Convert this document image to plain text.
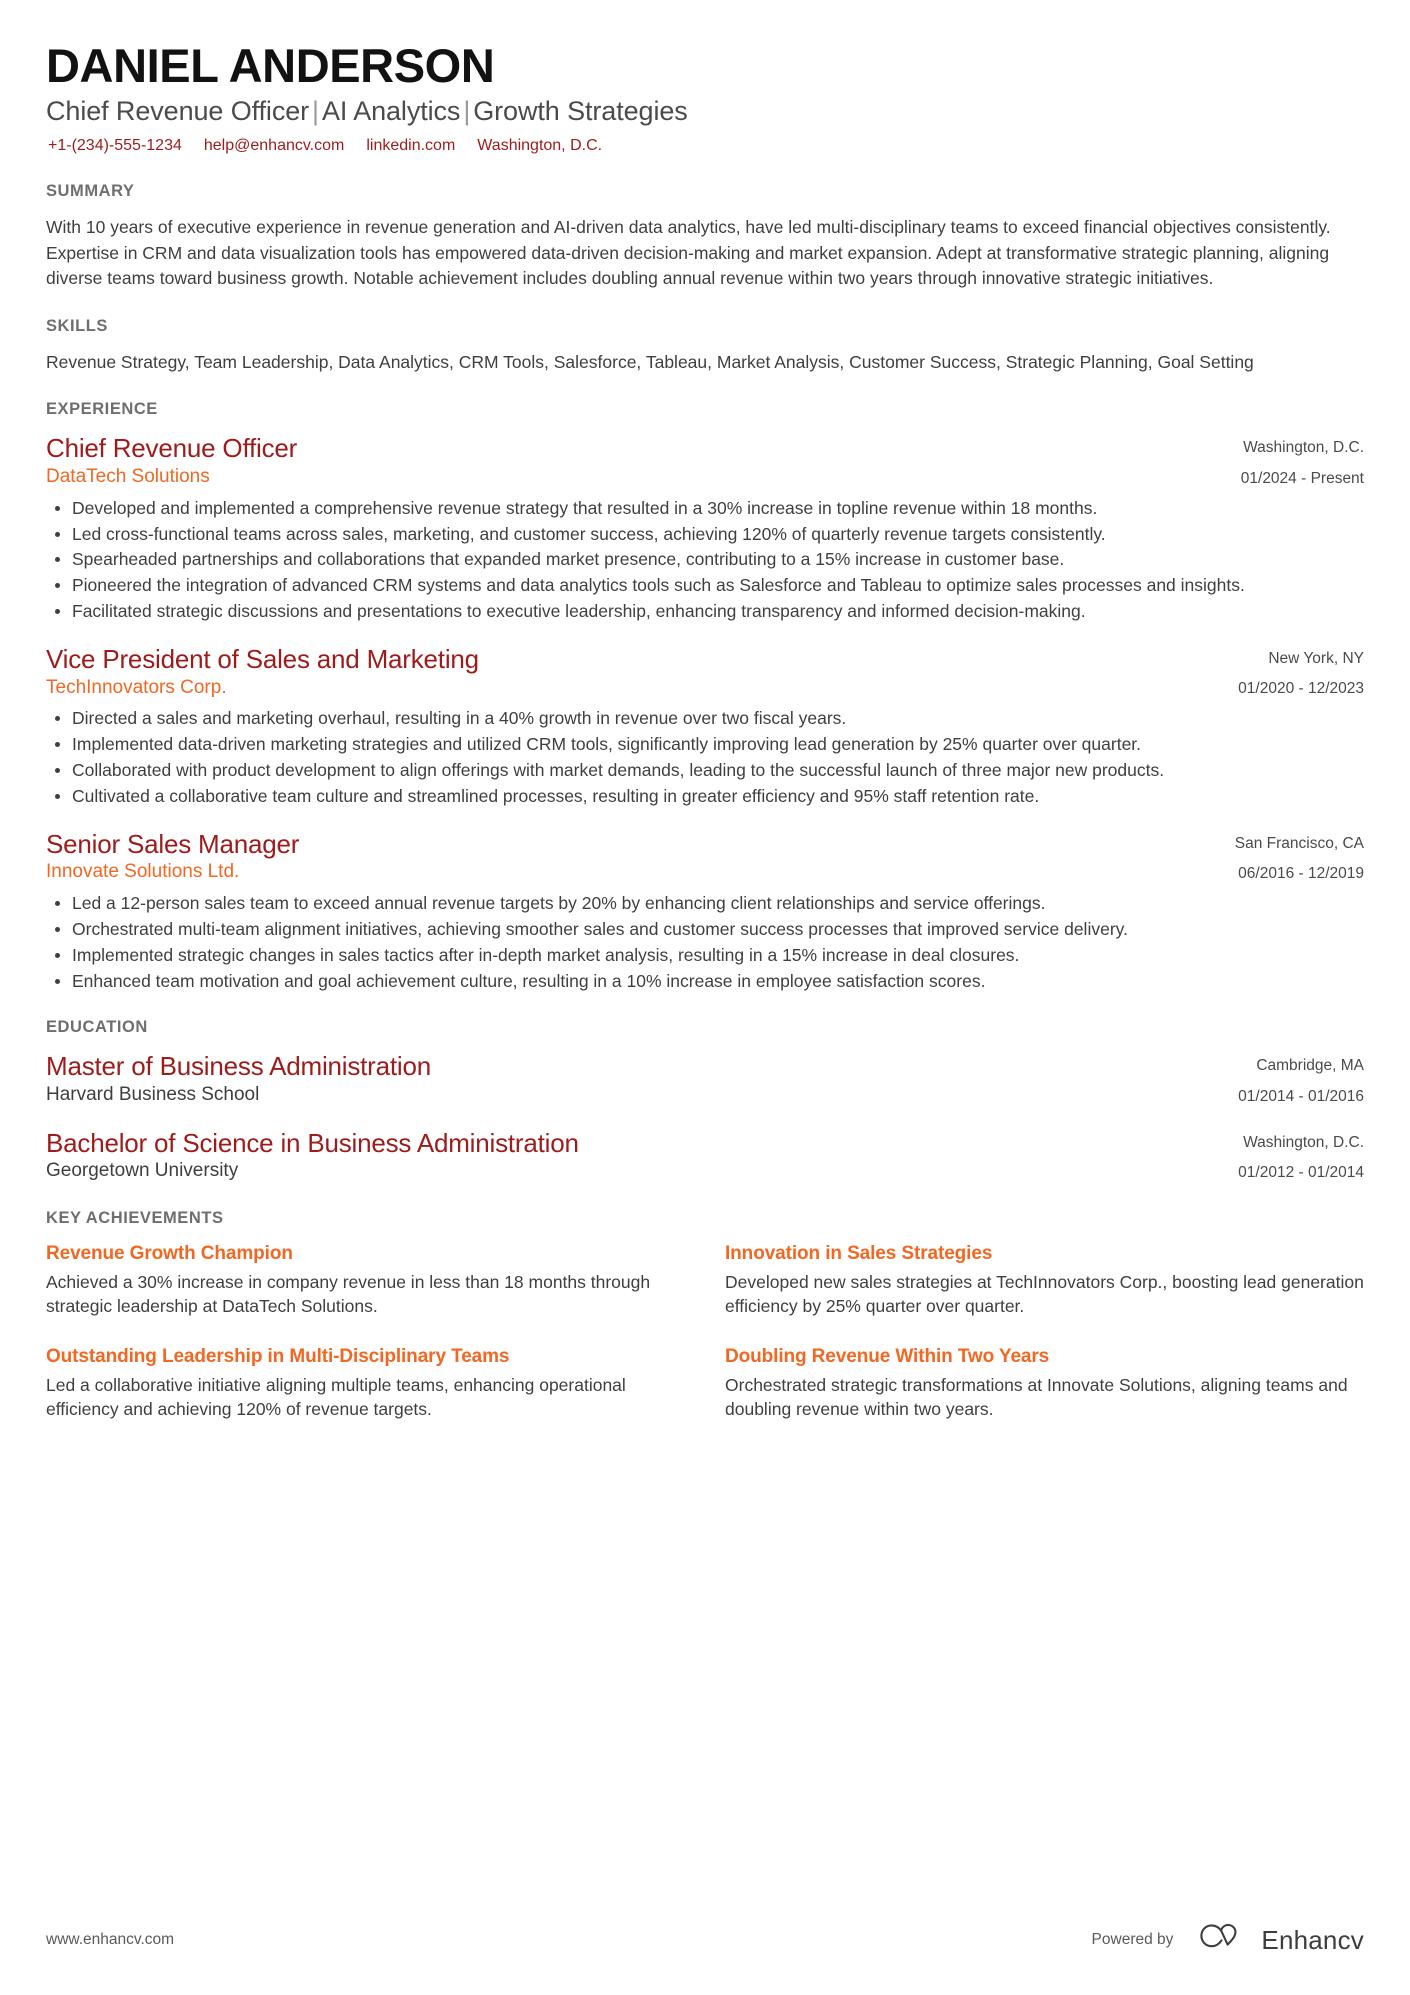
DANIEL ANDERSON
Chief Revenue Officer | AI Analytics | Growth Strategies
+1-(234)-555-1234 help@enhancv.com linkedin.com Washington, D.C.
SUMMARY
With 10 years of executive experience in revenue generation and AI-driven data analytics, have led multi-disciplinary teams to exceed financial objectives consistently. Expertise in CRM and data visualization tools has empowered data-driven decision-making and market expansion. Adept at transformative strategic planning, aligning diverse teams toward business growth. Notable achievement includes doubling annual revenue within two years through innovative strategic initiatives.
SKILLS
Revenue Strategy, Team Leadership, Data Analytics, CRM Tools, Salesforce, Tableau, Market Analysis, Customer Success, Strategic Planning, Goal Setting
EXPERIENCE
Chief Revenue Officer
DataTech Solutions
Washington, D.C.
01/2024 - Present
Developed and implemented a comprehensive revenue strategy that resulted in a 30% increase in topline revenue within 18 months.
Led cross-functional teams across sales, marketing, and customer success, achieving 120% of quarterly revenue targets consistently.
Spearheaded partnerships and collaborations that expanded market presence, contributing to a 15% increase in customer base.
Pioneered the integration of advanced CRM systems and data analytics tools such as Salesforce and Tableau to optimize sales processes and insights.
Facilitated strategic discussions and presentations to executive leadership, enhancing transparency and informed decision-making.
Vice President of Sales and Marketing
TechInnovators Corp.
New York, NY
01/2020 - 12/2023
Directed a sales and marketing overhaul, resulting in a 40% growth in revenue over two fiscal years.
Implemented data-driven marketing strategies and utilized CRM tools, significantly improving lead generation by 25% quarter over quarter.
Collaborated with product development to align offerings with market demands, leading to the successful launch of three major new products.
Cultivated a collaborative team culture and streamlined processes, resulting in greater efficiency and 95% staff retention rate.
Senior Sales Manager
Innovate Solutions Ltd.
San Francisco, CA
06/2016 - 12/2019
Led a 12-person sales team to exceed annual revenue targets by 20% by enhancing client relationships and service offerings.
Orchestrated multi-team alignment initiatives, achieving smoother sales and customer success processes that improved service delivery.
Implemented strategic changes in sales tactics after in-depth market analysis, resulting in a 15% increase in deal closures.
Enhanced team motivation and goal achievement culture, resulting in a 10% increase in employee satisfaction scores.
EDUCATION
Master of Business Administration
Harvard Business School
Cambridge, MA
01/2014 - 01/2016
Bachelor of Science in Business Administration
Georgetown University
Washington, D.C.
01/2012 - 01/2014
KEY ACHIEVEMENTS
Revenue Growth Champion
Achieved a 30% increase in company revenue in less than 18 months through strategic leadership at DataTech Solutions.
Innovation in Sales Strategies
Developed new sales strategies at TechInnovators Corp., boosting lead generation efficiency by 25% quarter over quarter.
Outstanding Leadership in Multi-Disciplinary Teams
Led a collaborative initiative aligning multiple teams, enhancing operational efficiency and achieving 120% of revenue targets.
Doubling Revenue Within Two Years
Orchestrated strategic transformations at Innovate Solutions, aligning teams and doubling revenue within two years.
www.enhancv.com	Powered by	Enhancv
